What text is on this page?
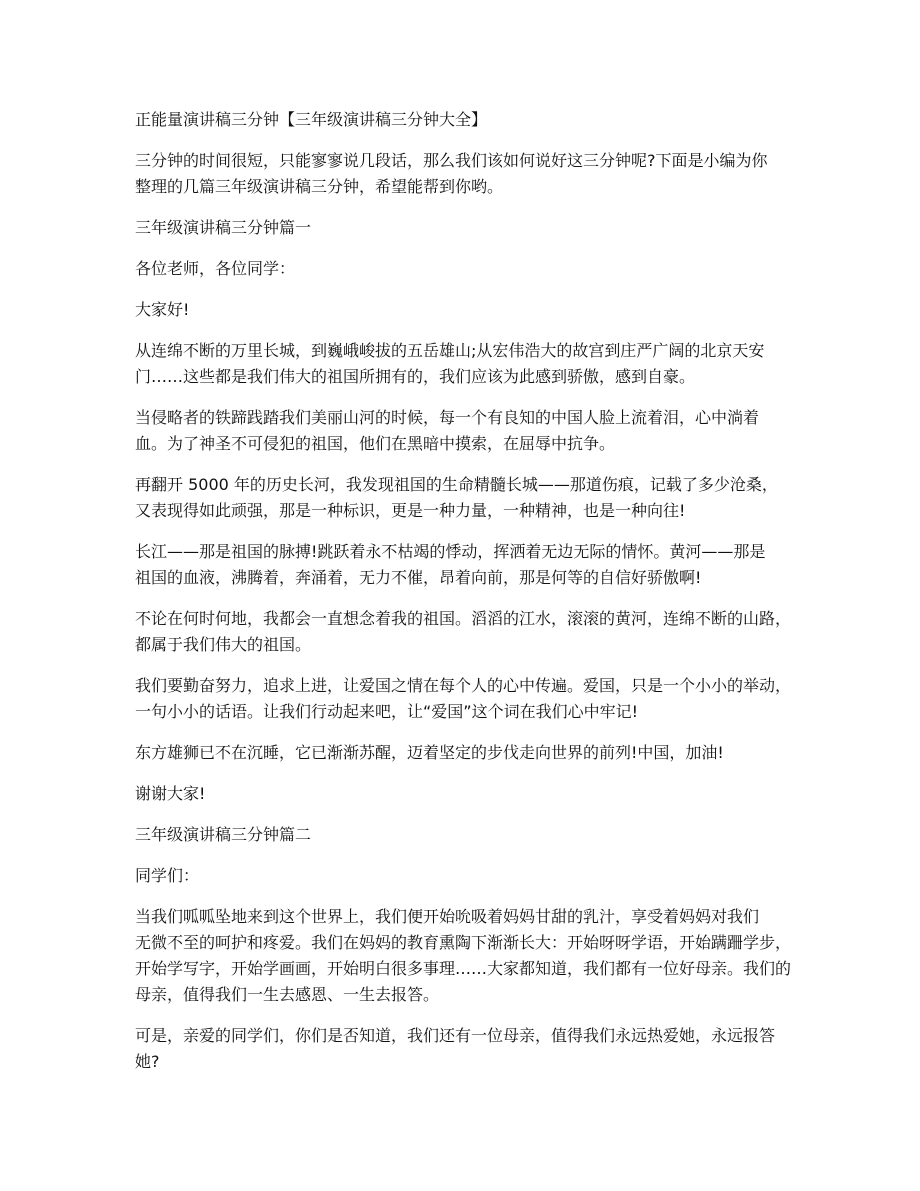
正能量演讲稿三分钟【三年级演讲稿三分钟大全】

三分钟的时间很短，只能寥寥说几段话，那么我们该如何说好这三分钟呢?下面是小编为你
整理的几篇三年级演讲稿三分钟，希望能帮到你哟。

三年级演讲稿三分钟篇一

各位老师，各位同学：

大家好!

从连绵不断的万里长城，到巍峨峻拔的五岳雄山;从宏伟浩大的故宫到庄严广阔的北京天安
门……这些都是我们伟大的祖国所拥有的，我们应该为此感到骄傲，感到自豪。

当侵略者的铁蹄践踏我们美丽山河的时候，每一个有良知的中国人脸上流着泪，心中淌着
血。为了神圣不可侵犯的祖国，他们在黑暗中摸索，在屈辱中抗争。

再翻开 5000 年的历史长河，我发现祖国的生命精髓长城——那道伤痕，记载了多少沧桑，
又表现得如此顽强，那是一种标识，更是一种力量，一种精神，也是一种向往!

长江——那是祖国的脉搏!跳跃着永不枯竭的悸动，挥洒着无边无际的情怀。黄河——那是
祖国的血液，沸腾着，奔涌着，无力不催，昂着向前，那是何等的自信好骄傲啊!

不论在何时何地，我都会一直想念着我的祖国。滔滔的江水，滚滚的黄河，连绵不断的山路，
都属于我们伟大的祖国。

我们要勤奋努力，追求上进，让爱国之情在每个人的心中传遍。爱国，只是一个小小的举动，
一句小小的话语。让我们行动起来吧，让“爱国”这个词在我们心中牢记!

东方雄狮已不在沉睡，它已渐渐苏醒，迈着坚定的步伐走向世界的前列!中国，加油!

谢谢大家!

三年级演讲稿三分钟篇二

同学们：

当我们呱呱坠地来到这个世界上，我们便开始吮吸着妈妈甘甜的乳汁，享受着妈妈对我们
无微不至的呵护和疼爱。我们在妈妈的教育熏陶下渐渐长大：开始呀呀学语，开始蹒跚学步，
开始学写字，开始学画画，开始明白很多事理……大家都知道，我们都有一位好母亲。我们的
母亲，值得我们一生去感恩、一生去报答。

可是，亲爱的同学们，你们是否知道，我们还有一位母亲，值得我们永远热爱她，永远报答
她?
